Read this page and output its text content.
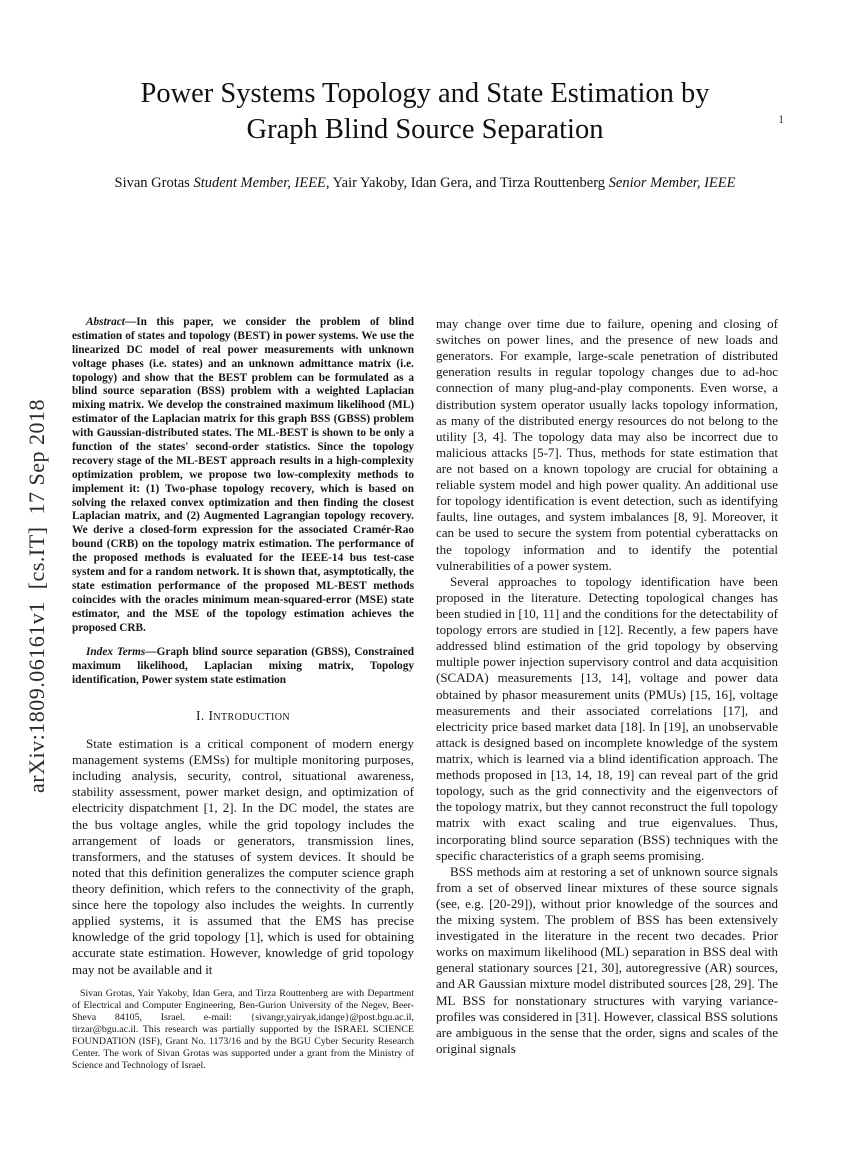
1
arXiv:1809.06161v1  [cs.IT]  17 Sep 2018
Power Systems Topology and State Estimation by Graph Blind Source Separation
Sivan Grotas Student Member, IEEE, Yair Yakoby, Idan Gera, and Tirza Routtenberg Senior Member, IEEE

Abstract—In this paper, we consider the problem of blind estimation of states and topology (BEST) in power systems. We use the linearized DC model of real power measurements with unknown voltage phases (i.e. states) and an unknown admittance matrix (i.e. topology) and show that the BEST problem can be formulated as a blind source separation (BSS) problem with a weighted Laplacian mixing matrix. We develop the constrained maximum likelihood (ML) estimator of the Laplacian matrix for this graph BSS (GBSS) problem with Gaussian-distributed states. The ML-BEST is shown to be only a function of the states' second-order statistics. Since the topology recovery stage of the ML-BEST approach results in a high-complexity optimization problem, we propose two low-complexity methods to implement it: (1) Two-phase topology recovery, which is based on solving the relaxed convex optimization and then finding the closest Laplacian matrix, and (2) Augmented Lagrangian topology recovery. We derive a closed-form expression for the associated Cramér-Rao bound (CRB) on the topology matrix estimation. The performance of the proposed methods is evaluated for the IEEE-14 bus test-case system and for a random network. It is shown that, asymptotically, the state estimation performance of the proposed ML-BEST methods coincides with the oracles minimum mean-squared-error (MSE) state estimator, and the MSE of the topology estimation achieves the proposed CRB.

Index Terms—Graph blind source separation (GBSS), Constrained maximum likelihood, Laplacian mixing matrix, Topology identification, Power system state estimation

I. Introduction

State estimation is a critical component of modern energy management systems (EMSs) for multiple monitoring purposes, including analysis, security, control, situational awareness, stability assessment, power market design, and optimization of electricity dispatchment [1, 2]. In the DC model, the states are the bus voltage angles, while the grid topology includes the arrangement of loads or generators, transmission lines, transformers, and the statuses of system devices. It should be noted that this definition generalizes the computer science graph theory definition, which refers to the connectivity of the graph, since here the topology also includes the weights. In currently applied systems, it is assumed that the EMS has precise knowledge of the grid topology [1], which is used for obtaining accurate state estimation. However, knowledge of grid topology may not be available and it

Sivan Grotas, Yair Yakoby, Idan Gera, and Tirza Routtenberg are with Department of Electrical and Computer Engineering, Ben-Gurion University of the Negev, Beer-Sheva 84105, Israel. e-mail: {sivangr,yairyak,idange}@post.bgu.ac.il, tirzar@bgu.ac.il. This research was partially supported by the ISRAEL SCIENCE FOUNDATION (ISF), Grant No. 1173/16 and by the BGU Cyber Security Research Center. The work of Sivan Grotas was supported under a grant from the Ministry of Science and Technology of Israel.

may change over time due to failure, opening and closing of switches on power lines, and the presence of new loads and generators. For example, large-scale penetration of distributed generation results in regular topology changes due to ad-hoc connection of many plug-and-play components. Even worse, a distribution system operator usually lacks topology information, as many of the distributed energy resources do not belong to the utility [3, 4]. The topology data may also be incorrect due to malicious attacks [5-7]. Thus, methods for state estimation that are not based on a known topology are crucial for obtaining a reliable system model and high power quality. An additional use for topology identification is event detection, such as identifying faults, line outages, and system imbalances [8, 9]. Moreover, it can be used to secure the system from potential cyberattacks on the topology information and to identify the potential vulnerabilities of a power system.

Several approaches to topology identification have been proposed in the literature. Detecting topological changes has been studied in [10, 11] and the conditions for the detectability of topology errors are studied in [12]. Recently, a few papers have addressed blind estimation of the grid topology by observing multiple power injection supervisory control and data acquisition (SCADA) measurements [13, 14], voltage and power data obtained by phasor measurement units (PMUs) [15, 16], voltage measurements and their associated correlations [17], and electricity price based market data [18]. In [19], an unobservable attack is designed based on incomplete knowledge of the system matrix, which is learned via a blind identification approach. The methods proposed in [13, 14, 18, 19] can reveal part of the grid topology, such as the grid connectivity and the eigenvectors of the topology matrix, but they cannot reconstruct the full topology matrix with exact scaling and true eigenvalues. Thus, incorporating blind source separation (BSS) techniques with the specific characteristics of a graph seems promising.

BSS methods aim at restoring a set of unknown source signals from a set of observed linear mixtures of these source signals (see, e.g. [20-29]), without prior knowledge of the sources and the mixing system. The problem of BSS has been extensively investigated in the literature in the recent two decades. Prior works on maximum likelihood (ML) separation in BSS deal with general stationary sources [21, 30], autoregressive (AR) sources, and AR Gaussian mixture model distributed sources [28, 29]. The ML BSS for nonstationary structures with varying variance-profiles was considered in [31]. However, classical BSS solutions are ambiguous in the sense that the order, signs and scales of the original signals
